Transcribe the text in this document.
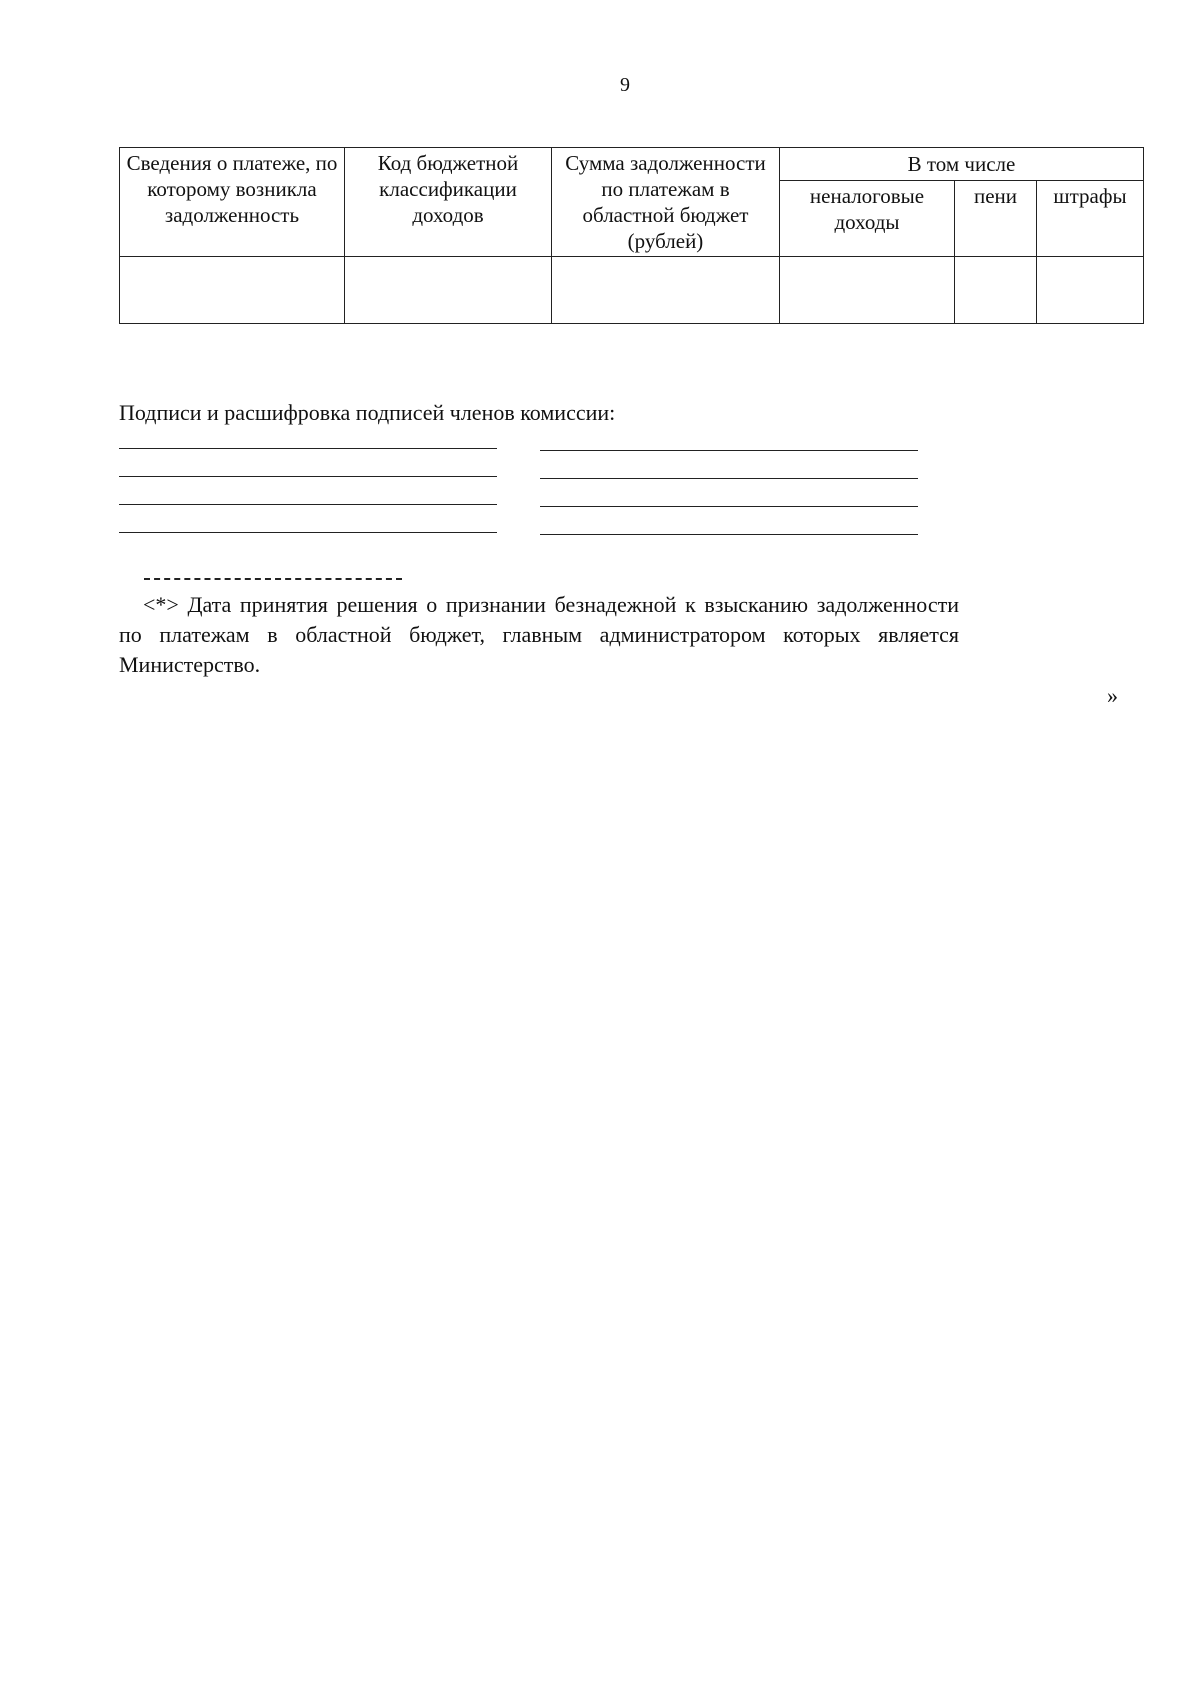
9
Сведения о платеже, по которому возникла задолженность	Код бюджетной классификации доходов	Сумма задолженности по платежам в областной бюджет (рублей)	В том числе		
			неналоговые доходы	пени	штрафы

Подписи и расшифровка подписей членов комиссии:
<*> Дата принятия решения о признании безнадежной к взысканию задолженности по платежам в областной бюджет, главным администратором которых является Министерство.
»
